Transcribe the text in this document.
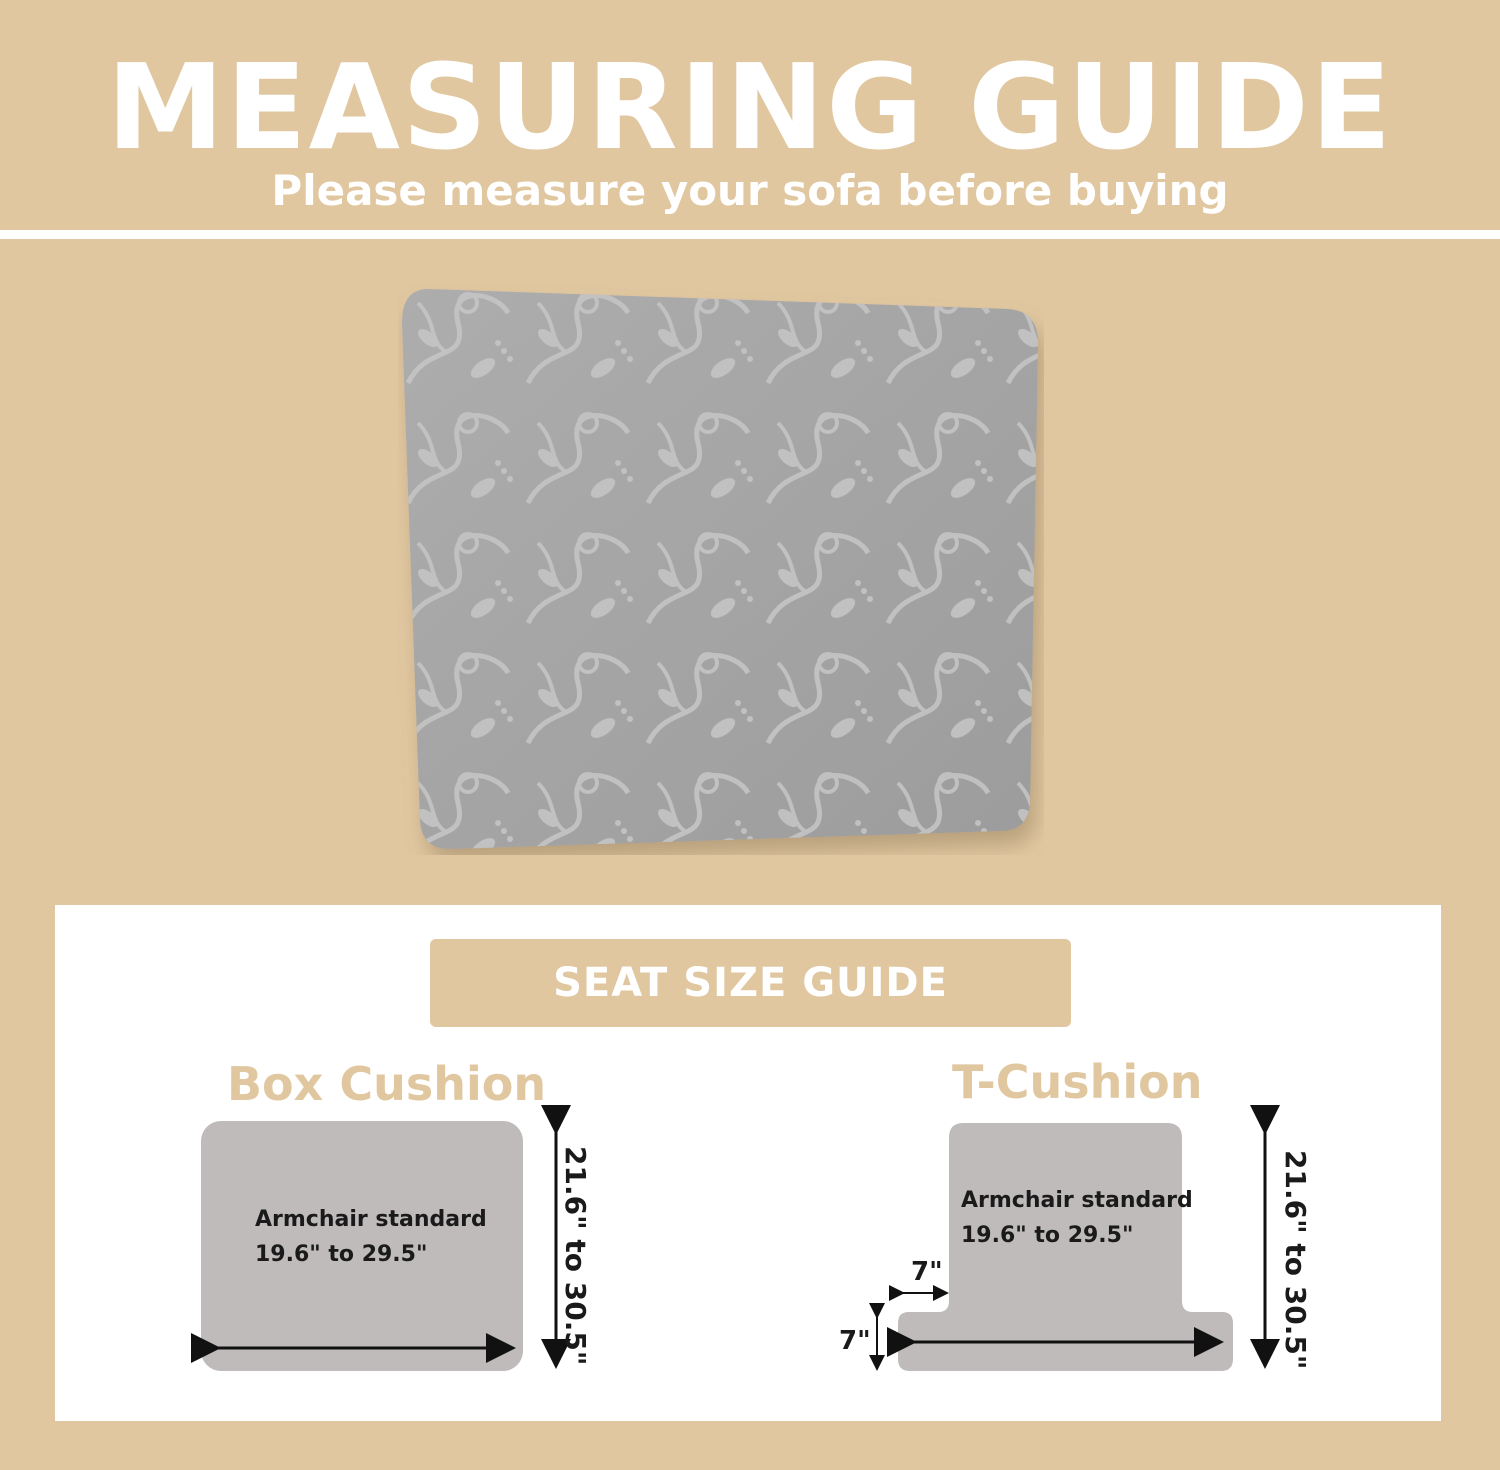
MEASURING GUIDE
Please measure your sofa before buying
SEAT SIZE GUIDE
Box Cushion	T-Cushion
Armchair standard
19.6" to 29.5"	21.6" to 30.5"	Armchair standard
19.6" to 29.5"	21.6" to 30.5"
7"
7"
